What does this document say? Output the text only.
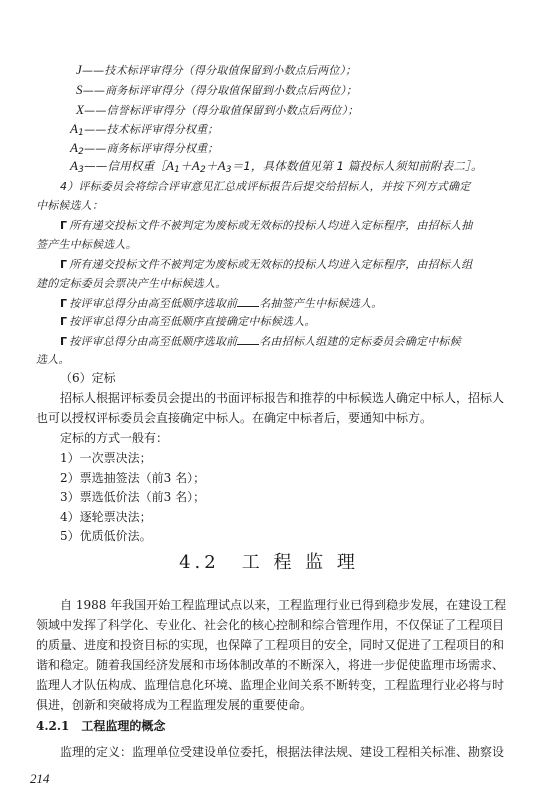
J——技术标评审得分（得分取值保留到小数点后两位）；
S——商务标评审得分（得分取值保留到小数点后两位）；
X——信誉标评审得分（得分取值保留到小数点后两位）；
$A_1——$技术标评审得分权重；
$A_2——$商务标评审得分权重；
$A_3——$信用权重$[A_1+A_2+A_3=1$，具体数值见第 1 篇投标人须知前附表二］。
4）评标委员会将综合评审意见汇总成评标报告后提交给招标人，并按下列方式确定
中标候选人：
Γ 所有递交投标文件不被判定为废标或无效标的投标人均进入定标程序，由招标人抽
签产生中标候选人。
Γ 所有递交投标文件不被判定为废标或无效标的投标人均进入定标程序，由招标人组
建的定标委员会票决产生中标候选人。
Γ 按评审总得分由高至低顺序选取前 名抽签产生中标候选人。
Γ 按评审总得分由高至低顺序直接确定中标候选人。
Γ 按评审总得分由高至低顺序选取前 名由招标人组建的定标委员会确定中标候
选人。
（6）定标
招标人根据评标委员会提出的书面评标报告和推荐的中标候选人确定中标人，招标人
也可以授权评标委员会直接确定中标人。在确定中标者后，要通知中标方。
定标的方式一般有：
1）一次票决法；
2）票选抽签法（前3 名）；
3）票选低价法（前3 名）；
4）逐轮票决法；
5）优质低价法。
4.2　工 程 监 理
自 1988 年我国开始工程监理试点以来，工程监理行业已得到稳步发展，在建设工程
领域中发挥了科学化、专业化、社会化的核心控制和综合管理作用，不仅保证了工程项目
的质量、进度和投资目标的实现，也保障了工程项目的安全，同时又促进了工程项目的和
谐和稳定。随着我国经济发展和市场体制改革的不断深入，将进一步促使监理市场需求、
监理人才队伍构成、监理信息化环境、监理企业间关系不断转变，工程监理行业必将与时
俱进，创新和突破将成为工程监理发展的重要使命。
4.2.1　工程监理的概念
监理的定义：监理单位受建设单位委托，根据法律法规、建设工程相关标准、勘察设
214
